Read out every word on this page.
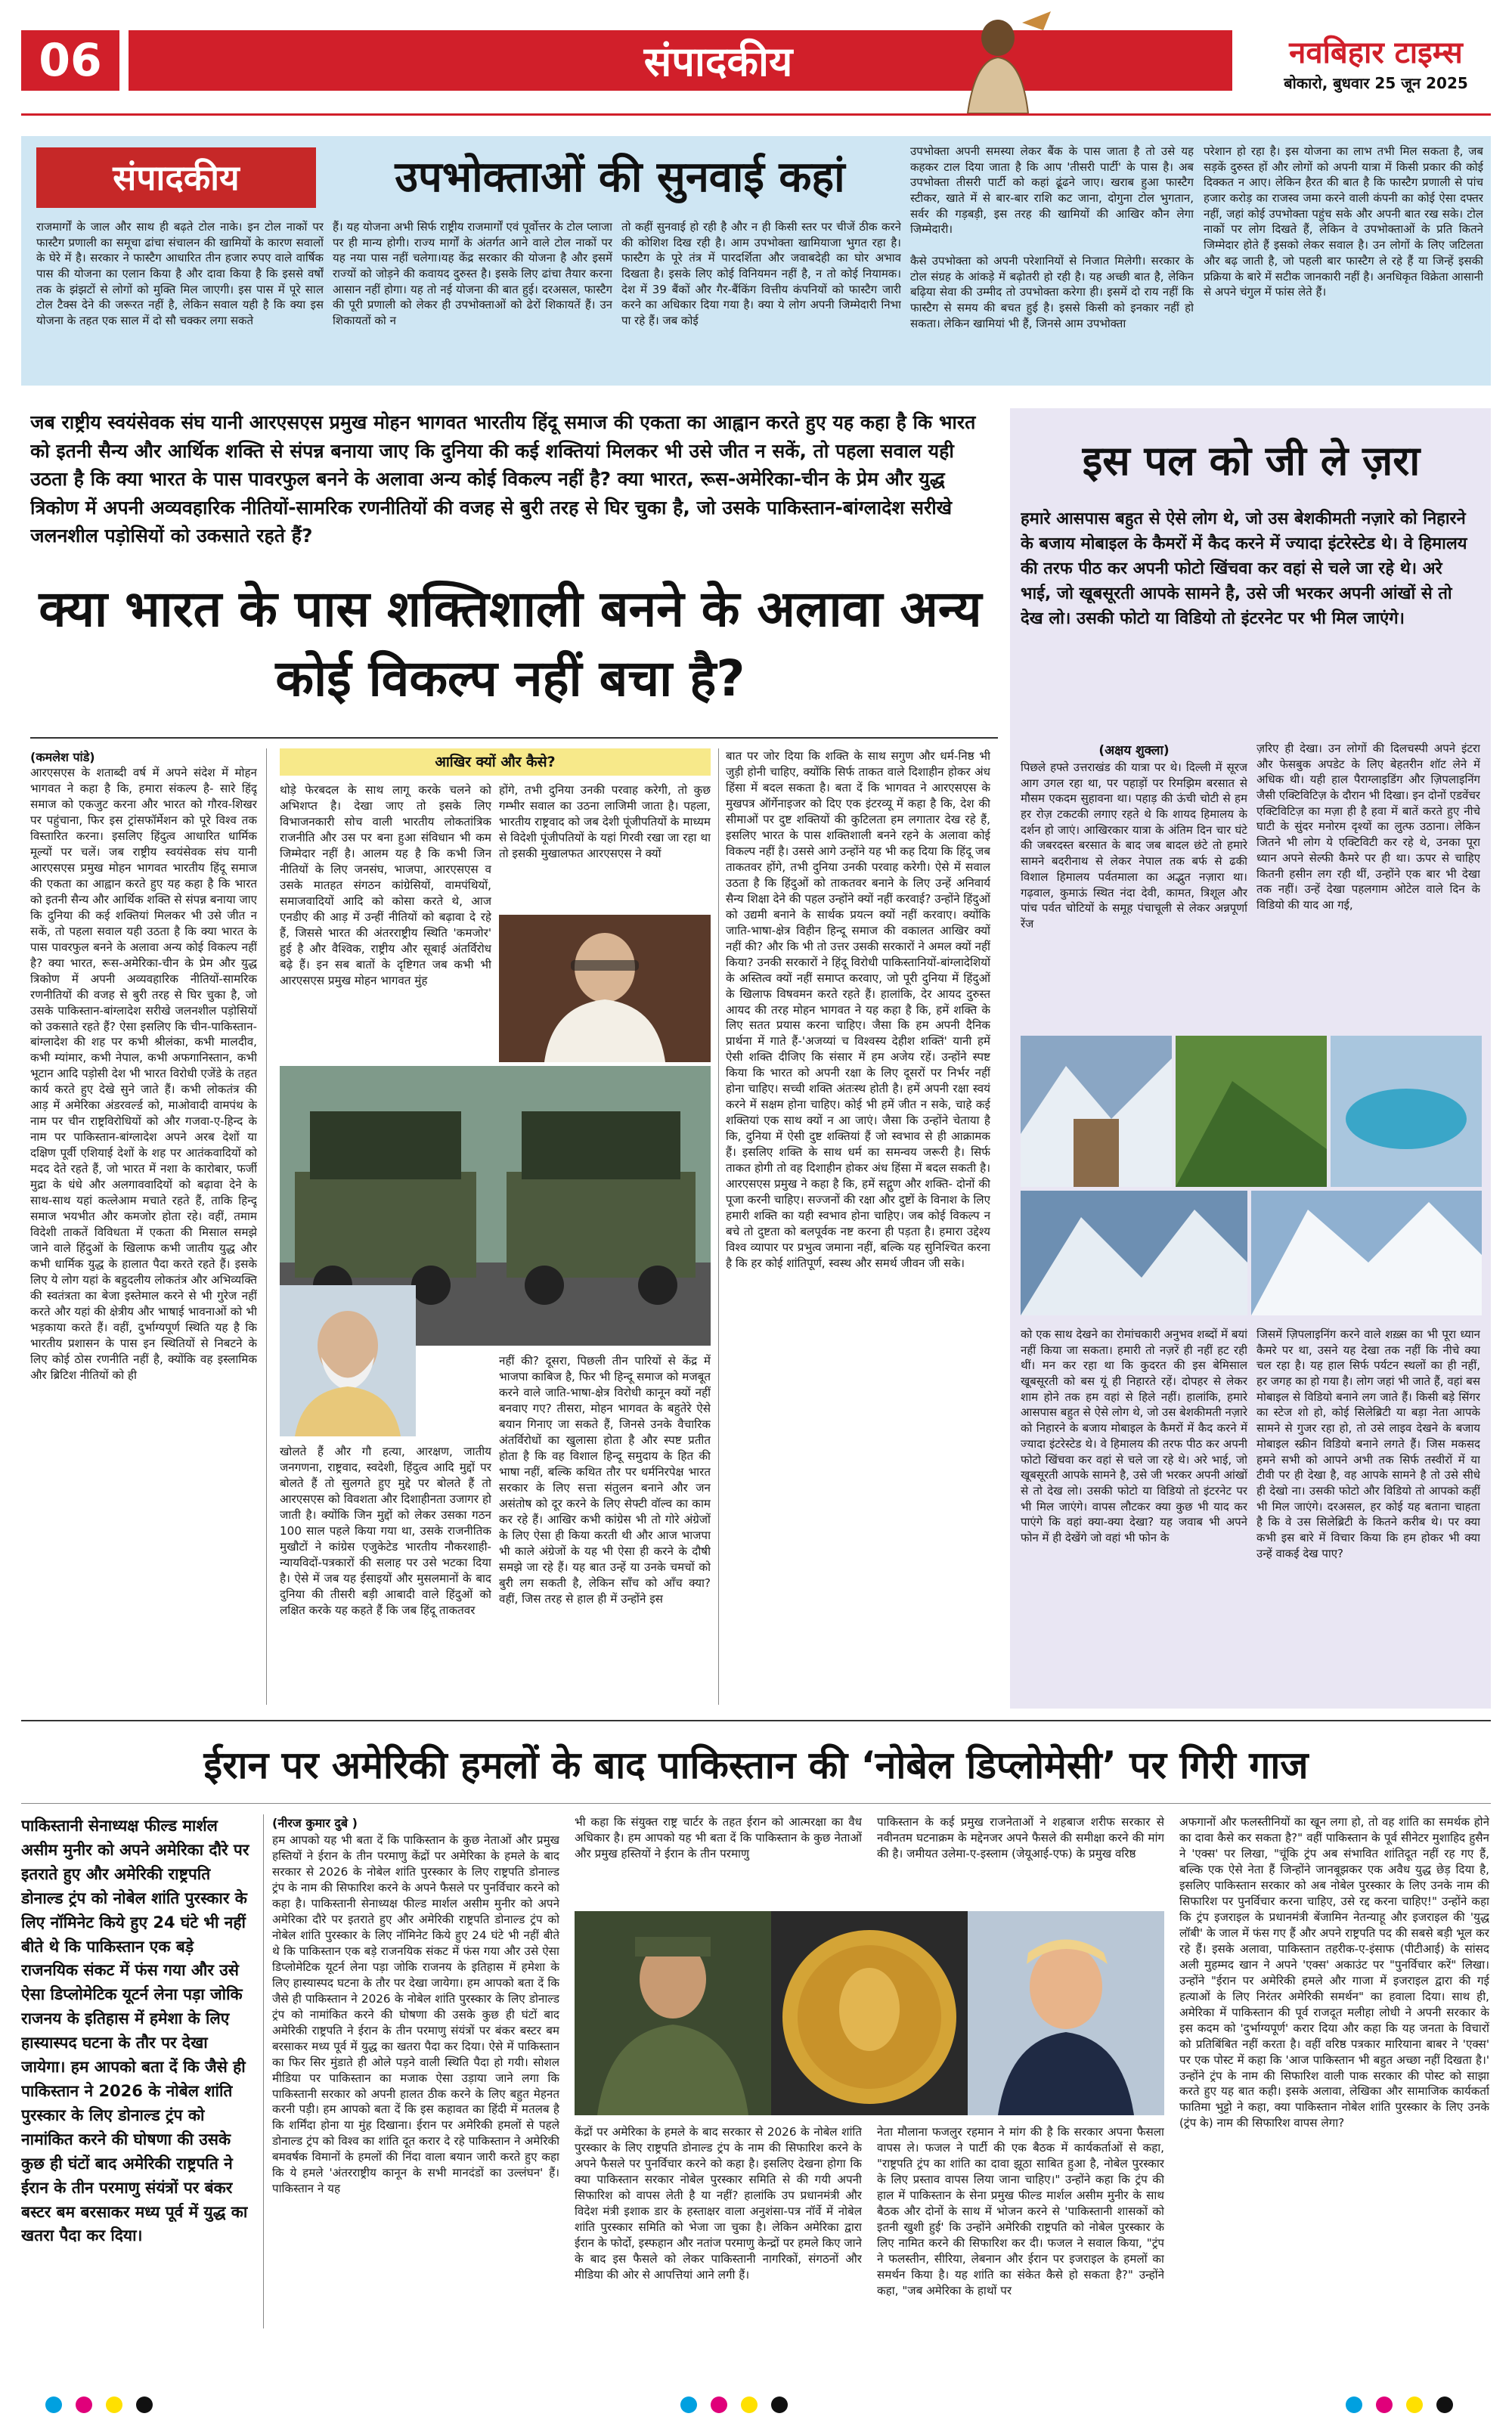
06	संपादकीय	नवबिहार टाइम्स
बोकारो, बुधवार 25 जून 2025
संपादकीय	उपभोक्ताओं की सुनवाई कहां
राजमार्गों के जाल और साथ ही बढ़ते टोल नाके। इन टोल नाकों पर फास्टैग प्रणाली का समूचा ढांचा संचालन की खामियों के कारण सवालों के घेरे में है। सरकार ने फास्टैग आधारित तीन हजार रुपए वाले वार्षिक पास की योजना का एलान किया है और दावा किया है कि इससे वर्षों तक के झंझटों से लोगों को मुक्ति मिल जाएगी। इस पास में पूरे साल टोल टैक्स देने की जरूरत नहीं है, लेकिन सवाल यही है कि क्या इस योजना के तहत एक साल में दो सौ चक्कर लगा सकते
हैं। यह योजना अभी सिर्फ राष्ट्रीय राजमार्गों एवं पूर्वोत्तर के टोल प्लाजा पर ही मान्य होगी। राज्य मार्गों के अंतर्गत आने वाले टोल नाकों पर यह नया पास नहीं चलेगा।यह केंद्र सरकार की योजना है और इसमें राज्यों को जोड़ने की कवायद दुरुस्त है। इसके लिए ढांचा तैयार करना आसान नहीं होगा। यह तो नई योजना की बात हुई। दरअसल, फास्टैग की पूरी प्रणाली को लेकर ही उपभोक्ताओं को ढेरों शिकायतें हैं। उन शिकायतों को न
तो कहीं सुनवाई हो रही है और न ही किसी स्तर पर चीजें ठीक करने की कोशिश दिख रही है। आम उपभोक्ता खामियाजा भुगत रहा है। फास्टैग के पूरे तंत्र में पारदर्शिता और जवाबदेही का घोर अभाव दिखता है। इसके लिए कोई विनियमन नहीं है, न तो कोई नियामक। देश में 39 बैंकों और गैर-बैंकिंग वित्तीय कंपनियों को फास्टैग जारी करने का अधिकार दिया गया है। क्या ये लोग अपनी जिम्मेदारी निभा पा रहे हैं। जब कोई
उपभोक्ता अपनी समस्या लेकर बैंक के पास जाता है तो उसे यह कहकर टाल दिया जाता है कि आप 'तीसरी पार्टी' के पास है। अब उपभोक्ता तीसरी पार्टी को कहां ढूंढने जाए। खराब हुआ फास्टैग स्टीकर, खाते में से बार-बार राशि कट जाना, दोगुना टोल भुगतान, सर्वर की गड़बड़ी, इस तरह की खामियों की आखिर कौन लेगा जिम्मेदारी।

कैसे उपभोक्ता को अपनी परेशानियों से निजात मिलेगी। सरकार के टोल संग्रह के आंकड़े में बढ़ोतरी हो रही है। यह अच्छी बात है, लेकिन बढ़िया सेवा की उम्मीद तो उपभोक्ता करेगा ही। इसमें दो राय नहीं कि फास्टैग से समय की बचत हुई है। इससे किसी को इनकार नहीं हो सकता। लेकिन खामियां भी हैं, जिनसे आम उपभोक्ता
परेशान हो रहा है। इस योजना का लाभ तभी मिल सकता है, जब सड़कें दुरुस्त हों और लोगों को अपनी यात्रा में किसी प्रकार की कोई दिक्कत न आए। लेकिन हैरत की बात है कि फास्टैग प्रणाली से पांच हजार करोड़ का राजस्व जमा करने वाली कंपनी का कोई ऐसा दफ्तर नहीं, जहां कोई उपभोक्ता पहुंच सके और अपनी बात रख सके। टोल नाकों पर लोग दिखते हैं, लेकिन वे उपभोक्ताओं के प्रति कितने जिम्मेदार होते हैं इसको लेकर सवाल है। उन लोगों के लिए जटिलता और बढ़ जाती है, जो पहली बार फास्टैग ले रहे हैं या जिन्हें इसकी प्रक्रिया के बारे में सटीक जानकारी नहीं है। अनधिकृत विक्रेता आसानी से अपने चंगुल में फांस लेते हैं।
जब राष्ट्रीय स्वयंसेवक संघ यानी आरएसएस प्रमुख मोहन भागवत भारतीय हिंदू समाज की एकता का आह्वान करते हुए यह कहा है कि भारत को इतनी सैन्य और आर्थिक शक्ति से संपन्न बनाया जाए कि दुनिया की कई शक्तियां मिलकर भी उसे जीत न सकें, तो पहला सवाल यही उठता है कि क्या भारत के पास पावरफुल बनने के अलावा अन्य कोई विकल्प नहीं है? क्या भारत, रूस-अमेरिका-चीन के प्रेम और युद्ध त्रिकोण में अपनी अव्यवहारिक नीतियों-सामरिक रणनीतियों की वजह से बुरी तरह से घिर चुका है, जो उसके पाकिस्तान-बांग्लादेश सरीखे जलनशील पड़ोसियों को उकसाते रहते हैं?
क्या भारत के पास शक्तिशाली बनने के अलावा अन्य कोई विकल्प नहीं बचा है?
इस पल को जी ले ज़रा
हमारे आसपास बहुत से ऐसे लोग थे, जो उस बेशकीमती नज़ारे को निहारने के बजाय मोबाइल के कैमरों में कैद करने में ज्यादा इंटरेस्टेड थे। वे हिमालय की तरफ पीठ कर अपनी फोटो खिंचवा कर वहां से चले जा रहे थे। अरे भाई, जो खूबसूरती आपके सामने है, उसे जी भरकर अपनी आंखों से तो देख लो। उसकी फोटो या विडियो तो इंटरनेट पर भी मिल जाएंगे।
(अक्षय शुक्ला)
पिछले हफ्ते उत्तराखंड की यात्रा पर थे। दिल्ली में सूरज आग उगल रहा था, पर पहाड़ों पर रिमझिम बरसात से मौसम एकदम सुहावना था। पहाड़ की ऊंची चोटी से हम हर रोज़ टकटकी लगाए रहते थे कि शायद हिमालय के दर्शन हो जाएं। आखिरकार यात्रा के अंतिम दिन चार घंटे की जबरदस्त बरसात के बाद जब बादल छंटे तो हमारे सामने बदरीनाथ से लेकर नेपाल तक बर्फ से ढकी विशाल हिमालय पर्वतमाला का अद्भुत नज़ारा था। गढ़वाल, कुमाऊं स्थित नंदा देवी, कामत, त्रिशूल और पांच पर्वत चोटियों के समूह पंचाचूली से लेकर अन्नपूर्णा रेंज
ज़रिए ही देखा। उन लोगों की दिलचस्पी अपने इंटरा और फेसबुक अपडेट के लिए बेहतरीन शॉट लेने में अधिक थी। यही हाल पैराग्लाइडिंग और ज़िपलाइनिंग जैसी एक्टिविटिज़ के दौरान भी दिखा। इन दोनों एडवेंचर एक्टिविटिज़ का मज़ा ही है हवा में बातें करते हुए नीचे घाटी के सुंदर मनोरम दृश्यों का लुत्फ उठाना। लेकिन जितने भी लोग ये एक्टिविटी कर रहे थे, उनका पूरा ध्यान अपने सेल्फी कैमरे पर ही था। ऊपर से चाहिए कितनी हसीन लग रही थीं, उन्होंने एक बार भी देखा तक नहीं। उन्हें देखा पहलगाम ओटेल वाले दिन के विडियो की याद आ गई,
को एक साथ देखने का रोमांचकारी अनुभव शब्दों में बयां नहीं किया जा सकता। हमारी तो नज़रें ही नहीं हट रही थीं। मन कर रहा था कि कुदरत की इस बेमिसाल खूबसूरती को बस यूं ही निहारते रहें। दोपहर से लेकर शाम होने तक हम वहां से हिले नहीं। हालांकि, हमारे आसपास बहुत से ऐसे लोग थे, जो उस बेशकीमती नज़ारे को निहारने के बजाय मोबाइल के कैमरों में कैद करने में ज्यादा इंटरेस्टेड थे। वे हिमालय की तरफ पीठ कर अपनी फोटो खिंचवा कर वहां से चले जा रहे थे। अरे भाई, जो खूबसूरती आपके सामने है, उसे जी भरकर अपनी आंखों से तो देख लो। उसकी फोटो या विडियो तो इंटरनेट पर भी मिल जाएंगे। वापस लौटकर क्या कुछ भी याद कर पाएंगे कि वहां क्या-क्या देखा? यह जवाब भी अपने फोन में ही देखेंगे जो वहां भी फोन के
जिसमें ज़िपलाइनिंग करने वाले शख़्स का भी पूरा ध्यान कैमरे पर था, उसने यह देखा तक नहीं कि नीचे क्या चल रहा है। यह हाल सिर्फ पर्यटन स्थलों का ही नहीं, हर जगह का हो गया है। लोग जहां भी जाते हैं, वहां बस मोबाइल से विडियो बनाने लग जाते हैं। किसी बड़े सिंगर का स्टेज शो हो, कोई सिलेब्रिटी या बड़ा नेता आपके सामने से गुजर रहा हो, तो उसे लाइव देखने के बजाय मोबाइल स्क्रीन विडियो बनाने लगते हैं। जिस मकसद हमने सभी को आपने अभी तक सिर्फ तस्वीरों में या टीवी पर ही देखा है, वह आपके सामने है तो उसे सीधे ही देखो ना। उसकी फोटो और विडियो तो आपको कहीं भी मिल जाएंगे। दरअसल, हर कोई यह बताना चाहता है कि वे उस सिलेब्रिटी के कितने करीब थे। पर क्या कभी इस बारे में विचार किया कि हम होकर भी क्या उन्हें वाकई देख पाए?
(कमलेश पांडे)
आरएसएस के शताब्दी वर्ष में अपने संदेश में मोहन भागवत ने कहा है कि, हमारा संकल्प है- सारे हिंदू समाज को एकजुट करना और भारत को गौरव-शिखर पर पहुंचाना, फिर इस ट्रांसफॉर्मेशन को पूरे विश्व तक विस्तारित करना। इसलिए हिंदुत्व आधारित धार्मिक मूल्यों पर चलें। जब राष्ट्रीय स्वयंसेवक संघ यानी आरएसएस प्रमुख मोहन भागवत भारतीय हिंदू समाज की एकता का आह्वान करते हुए यह कहा है कि भारत को इतनी सैन्य और आर्थिक शक्ति से संपन्न बनाया जाए कि दुनिया की कई शक्तियां मिलकर भी उसे जीत न सकें, तो पहला सवाल यही उठता है कि क्या भारत के पास पावरफुल बनने के अलावा अन्य कोई विकल्प नहीं है? क्या भारत, रूस-अमेरिका-चीन के प्रेम और युद्ध त्रिकोण में अपनी अव्यवहारिक नीतियों-सामरिक रणनीतियों की वजह से बुरी तरह से घिर चुका है, जो उसके पाकिस्तान-बांग्लादेश सरीखे जलनशील पड़ोसियों को उकसाते रहते हैं? ऐसा इसलिए कि चीन-पाकिस्तान-बांग्लादेश की शह पर कभी श्रीलंका, कभी मालदीव, कभी म्यांमार, कभी नेपाल, कभी अफगानिस्तान, कभी भूटान आदि पड़ोसी देश भी भारत विरोधी एजेंडे के तहत कार्य करते हुए देखे सुने जाते हैं। कभी लोकतंत्र की आड़ में अमेरिका अंडरवर्ल्ड को, माओवादी वामपंथ के नाम पर चीन राष्ट्रविरोधियों को और गजवा-ए-हिन्द के नाम पर पाकिस्तान-बांग्लादेश अपने अरब देशों या दक्षिण पूर्वी एशियाई देशों के शह पर आतंकवादियों को मदद देते रहते हैं, जो भारत में नशा के कारोबार, फर्जी मुद्रा के धंधे और अलगाववादियों को बढ़ावा देने के साथ-साथ यहां कत्लेआम मचाते रहते हैं, ताकि हिन्दू समाज भयभीत और कमजोर होता रहे। वहीं, तमाम विदेशी ताकतें विविधता में एकता की मिसाल समझे जाने वाले हिंदुओं के खिलाफ कभी जातीय युद्ध और कभी धार्मिक युद्ध के हालात पैदा करते रहते हैं। इसके लिए ये लोग यहां के बहुदलीय लोकतंत्र और अभिव्यक्ति की स्वतंत्रता का बेजा इस्तेमाल करने से भी गुरेज नहीं करते और यहां की क्षेत्रीय और भाषाई भावनाओं को भी भड़काया करते हैं। वहीं, दुर्भाग्यपूर्ण स्थिति यह है कि भारतीय प्रशासन के पास इन स्थितियों से निबटने के लिए कोई ठोस रणनीति नहीं है, क्योंकि वह इस्लामिक और ब्रिटिश नीतियों को ही
आखिर क्यों और कैसे?
थोड़े फेरबदल के साथ लागू करके चलने को अभिशप्त है। देखा जाए तो इसके लिए विभाजनकारी सोच वाली भारतीय लोकतांत्रिक राजनीति और उस पर बना हुआ संविधान भी कम जिम्मेदार नहीं है। आलम यह है कि कभी जिन नीतियों के लिए जनसंघ, भाजपा, आरएसएस व उसके मातहत संगठन कांग्रेसियों, वामपंथियों, समाजवादियों आदि को कोसा करते थे, आज एनडीए की आड़ में उन्हीं नीतियों को बढ़ावा दे रहे हैं, जिससे भारत की अंतरराष्ट्रीय स्थिति 'कमजोर' हुई है और वैश्विक, राष्ट्रीय और सूबाई अंतर्विरोध बढ़े हैं। इन सब बातों के दृष्टिगत जब कभी भी आरएसएस प्रमुख मोहन भागवत मुंह
होंगे, तभी दुनिया उनकी परवाह करेगी, तो कुछ गम्भीर सवाल का उठना लाजिमी जाता है। पहला, भारतीय राष्ट्रवाद को जब देशी पूंजीपतियों के माध्यम से विदेशी पूंजीपतियों के यहां गिरवी रखा जा रहा था तो इसकी मुखालफत आरएसएस ने क्यों
खोलते हैं और गौ हत्या, आरक्षण, जातीय जनगणना, राष्ट्रवाद, स्वदेशी, हिंदुत्व आदि मुद्दों पर बोलते हैं तो सुलगते हुए मुद्दे पर बोलते हैं तो आरएसएस को विवशता और दिशाहीनता उजागर हो जाती है। क्योंकि जिन मुद्दों को लेकर उसका गठन 100 साल पहले किया गया था, उसके राजनीतिक मुखौटों ने कांग्रेस एजुकेटेड भारतीय नौकरशाही-न्यायविदों-पत्रकारों की सलाह पर उसे भटका दिया है। ऐसे में जब यह ईसाइयों और मुसलमानों के बाद दुनिया की तीसरी बड़ी आबादी वाले हिंदुओं को लक्षित करके यह कहते हैं कि जब हिंदू ताकतवर
नहीं की? दूसरा, पिछली तीन पारियों से केंद्र में भाजपा काबिज है, फिर भी हिन्दू समाज को मजबूत करने वाले जाति-भाषा-क्षेत्र विरोधी कानून क्यों नहीं बनवाए गए? तीसरा, मोहन भागवत के बहुतेरे ऐसे बयान गिनाए जा सकते हैं, जिनसे उनके वैचारिक अंतर्विरोधों का खुलासा होता है और स्पष्ट प्रतीत होता है कि वह विशाल हिन्दू समुदाय के हित की भाषा नहीं, बल्कि कथित तौर पर धर्मनिरपेक्ष भारत सरकार के लिए सत्ता संतुलन बनाने और जन असंतोष को दूर करने के लिए सेफ्टी वॉल्व का काम कर रहे हैं। आखिर कभी कांग्रेस भी तो गोरे अंग्रेजों के लिए ऐसा ही किया करती थी और आज भाजपा भी काले अंग्रेजों के यह भी ऐसा ही करने के दौषी समझे जा रहे हैं। यह बात उन्हें या उनके चमचों को बुरी लग सकती है, लेकिन साँच को आँच क्या? वहीं, जिस तरह से हाल ही में उन्होंने इस
बात पर जोर दिया कि शक्ति के साथ सगुण और धर्म-निष्ठ भी जुड़ी होनी चाहिए, क्योंकि सिर्फ ताकत वाले दिशाहीन होकर अंध हिंसा में बदल सकता है। बता दें कि भागवत ने आरएसएस के मुखपत्र ऑर्गेनाइजर को दिए एक इंटरव्यू में कहा है कि, देश की सीमाओं पर दुष्ट शक्तियों की कुटिलता हम लगातार देख रहे हैं, इसलिए भारत के पास शक्तिशाली बनने रहने के अलावा कोई विकल्प नहीं है। उससे आगे उन्होंने यह भी कह दिया कि हिंदू जब ताकतवर होंगे, तभी दुनिया उनकी परवाह करेगी। ऐसे में सवाल उठता है कि हिंदुओं को ताकतवर बनाने के लिए उन्हें अनिवार्य सैन्य शिक्षा देने की पहल उन्होंने क्यों नहीं करवाई? उन्होंने हिंदुओं को उद्यमी बनाने के सार्थक प्रयत्न क्यों नहीं करवाए। क्योंकि जाति-भाषा-क्षेत्र विहीन हिन्दू समाज की वकालत आखिर क्यों नहीं की? और कि भी तो उत्तर उसकी सरकारों ने अमल क्यों नहीं किया? उनकी सरकारों ने हिंदू विरोधी पाकिस्तानियों-बांग्लादेशियों के अस्तित्व क्यों नहीं समाप्त करवाए, जो पूरी दुनिया में हिंदुओं के खिलाफ विषवमन करते रहते हैं। हालांकि, देर आयद दुरुस्त आयद की तरह मोहन भागवत ने यह कहा है कि, हमें शक्ति के लिए सतत प्रयास करना चाहिए। जैसा कि हम अपनी दैनिक प्रार्थना में गाते हैं-'अजय्यां च विश्वस्य देहीश शक्तिं' यानी हमें ऐसी शक्ति दीजिए कि संसार में हम अजेय रहें। उन्होंने स्पष्ट किया कि भारत को अपनी रक्षा के लिए दूसरों पर निर्भर नहीं होना चाहिए। सच्ची शक्ति अंतःस्थ होती है। हमें अपनी रक्षा स्वयं करने में सक्षम होना चाहिए। कोई भी हमें जीत न सके, चाहे कई शक्तियां एक साथ क्यों न आ जाएं। जैसा कि उन्होंने चेताया है कि, दुनिया में ऐसी दुष्ट शक्तियां हैं जो स्वभाव से ही आक्रामक हैं। इसलिए शक्ति के साथ धर्म का समन्वय जरूरी है। सिर्फ ताकत होगी तो वह दिशाहीन होकर अंध हिंसा में बदल सकती है। आरएसएस प्रमुख ने कहा है कि, हमें सद्गुण और शक्ति- दोनों की पूजा करनी चाहिए। सज्जनों की रक्षा और दुष्टों के विनाश के लिए हमारी शक्ति का यही स्वभाव होना चाहिए। जब कोई विकल्प न बचे तो दुष्टता को बलपूर्वक नष्ट करना ही पड़ता है। हमारा उद्देश्य विश्व व्यापार पर प्रभुत्व जमाना नहीं, बल्कि यह सुनिश्चित करना है कि हर कोई शांतिपूर्ण, स्वस्थ और समर्थ जीवन जी सके।
ईरान पर अमेरिकी हमलों के बाद पाकिस्तान की ‘नोबेल डिप्लोमेसी’ पर गिरी गाज
पाकिस्तानी सेनाध्यक्ष फील्ड मार्शल असीम मुनीर को अपने अमेरिका दौरे पर इतराते हुए और अमेरिकी राष्ट्रपति डोनाल्ड ट्रंप को नोबेल शांति पुरस्कार के लिए नॉमिनेट किये हुए 24 घंटे भी नहीं बीते थे कि पाकिस्तान एक बड़े राजनयिक संकट में फंस गया और उसे ऐसा डिप्लोमेटिक यूटर्न लेना पड़ा जोकि राजनय के इतिहास में हमेशा के लिए हास्यास्पद घटना के तौर पर देखा जायेगा। हम आपको बता दें कि जैसे ही पाकिस्तान ने 2026 के नोबेल शांति पुरस्कार के लिए डोनाल्ड ट्रंप को नामांकित करने की घोषणा की उसके कुछ ही घंटों बाद अमेरिकी राष्ट्रपति ने ईरान के तीन परमाणु संयंत्रों पर बंकर बस्टर बम बरसाकर मध्य पूर्व में युद्ध का खतरा पैदा कर दिया।
(नीरज कुमार दुबे )
हम आपको यह भी बता दें कि पाकिस्तान के कुछ नेताओं और प्रमुख हस्तियों ने ईरान के तीन परमाणु केंद्रों पर अमेरिका के हमले के बाद सरकार से 2026 के नोबेल शांति पुरस्कार के लिए राष्ट्रपति डोनाल्ड ट्रंप के नाम की सिफारिश करने के अपने फैसले पर पुनर्विचार करने को कहा है। पाकिस्तानी सेनाध्यक्ष फील्ड मार्शल असीम मुनीर को अपने अमेरिका दौरे पर इतराते हुए और अमेरिकी राष्ट्रपति डोनाल्ड ट्रंप को नोबेल शांति पुरस्कार के लिए नॉमिनेट किये हुए 24 घंटे भी नहीं बीते थे कि पाकिस्तान एक बड़े राजनयिक संकट में फंस गया और उसे ऐसा डिप्लोमेटिक यूटर्न लेना पड़ा जोकि राजनय के इतिहास में हमेशा के लिए हास्यास्पद घटना के तौर पर देखा जायेगा। हम आपको बता दें कि जैसे ही पाकिस्तान ने 2026 के नोबेल शांति पुरस्कार के लिए डोनाल्ड ट्रंप को नामांकित करने की घोषणा की उसके कुछ ही घंटों बाद अमेरिकी राष्ट्रपति ने ईरान के तीन परमाणु संयंत्रों पर बंकर बस्टर बम बरसाकर मध्य पूर्व में युद्ध का खतरा पैदा कर दिया। ऐसे में पाकिस्तान का फिर सिर मुंडाते ही ओले पड़ने वाली स्थिति पैदा हो गयी। सोशल मीडिया पर पाकिस्तान का मजाक ऐसा उड़ाया जाने लगा कि पाकिस्तानी सरकार को अपनी हालत ठीक करने के लिए बहुत मेहनत करनी पड़ी। हम आपको बता दें कि इस कहावत का हिंदी में मतलब है कि शर्मिंदा होना या मुंह दिखाना। ईरान पर अमेरिकी हमलों से पहले डोनाल्ड ट्रंप को विश्व का शांति दूत करार दे रहे पाकिस्तान ने अमेरिकी बमवर्षक विमानों के हमलों की निंदा वाला बयान जारी करते हुए कहा कि ये हमले 'अंतरराष्ट्रीय कानून के सभी मानदंडों का उल्लंघन' हैं। पाकिस्तान ने यह
भी कहा कि संयुक्त राष्ट्र चार्टर के तहत ईरान को आत्मरक्षा का वैध अधिकार है। हम आपको यह भी बता दें कि पाकिस्तान के कुछ नेताओं और प्रमुख हस्तियों ने ईरान के तीन परमाणु
पाकिस्तान के कई प्रमुख राजनेताओं ने शहबाज शरीफ सरकार से नवीनतम घटनाक्रम के मद्देनजर अपने फैसले की समीक्षा करने की मांग की है। जमीयत उलेमा-ए-इस्लाम (जेयूआई-एफ) के प्रमुख वरिष्ठ
केंद्रों पर अमेरिका के हमले के बाद सरकार से 2026 के नोबेल शांति पुरस्कार के लिए राष्ट्रपति डोनाल्ड ट्रंप के नाम की सिफारिश करने के अपने फैसले पर पुनर्विचार करने को कहा है। इसलिए देखना होगा कि क्या पाकिस्तान सरकार नोबेल पुरस्कार समिति से की गयी अपनी सिफारिश को वापस लेती है या नहीं? हालांकि उप प्रधानमंत्री और विदेश मंत्री इशाक डार के हस्ताक्षर वाला अनुशंसा-पत्र नॉर्वे में नोबेल शांति पुरस्कार समिति को भेजा जा चुका है। लेकिन अमेरिका द्वारा ईरान के फोर्दो, इस्फहान और नतांज परमाणु केन्द्रों पर हमले किए जाने के बाद इस फैसले को लेकर पाकिस्तानी नागरिकों, संगठनों और मीडिया की ओर से आपत्तियां आने लगी हैं।
नेता मौलाना फजलुर रहमान ने मांग की है कि सरकार अपना फैसला वापस ले। फजल ने पार्टी की एक बैठक में कार्यकर्ताओं से कहा, "राष्ट्रपति ट्रंप का शांति का दावा झूठा साबित हुआ है, नोबेल पुरस्कार के लिए प्रस्ताव वापस लिया जाना चाहिए।" उन्होंने कहा कि ट्रंप की हाल में पाकिस्तान के सेना प्रमुख फील्ड मार्शल असीम मुनीर के साथ बैठक और दोनों के साथ में भोजन करने से 'पाकिस्तानी शासकों को इतनी खुशी हुई' कि उन्होंने अमेरिकी राष्ट्रपति को नोबेल पुरस्कार के लिए नामित करने की सिफारिश कर दी। फजल ने सवाल किया, "ट्रंप ने फलस्तीन, सीरिया, लेबनान और ईरान पर इजराइल के हमलों का समर्थन किया है। यह शांति का संकेत कैसे हो सकता है?" उन्होंने कहा, "जब अमेरिका के हाथों पर
अफगानों और फलस्तीनियों का खून लगा हो, तो वह शांति का समर्थक होने का दावा कैसे कर सकता है?" वहीं पाकिस्तान के पूर्व सीनेटर मुशाहिद हुसैन ने 'एक्स' पर लिखा, "चूंकि ट्रंप अब संभावित शांतिदूत नहीं रह गए हैं, बल्कि एक ऐसे नेता हैं जिन्होंने जानबूझकर एक अवैध युद्ध छेड़ दिया है, इसलिए पाकिस्तान सरकार को अब नोबेल पुरस्कार के लिए उनके नाम की सिफारिश पर पुनर्विचार करना चाहिए, उसे रद्द करना चाहिए!" उन्होंने कहा कि ट्रंप इजराइल के प्रधानमंत्री बेंजामिन नेतन्याहू और इजराइल की 'युद्ध लॉबी' के जाल में फंस गए हैं और अपने राष्ट्रपति पद की सबसे बड़ी भूल कर रहे हैं। इसके अलावा, पाकिस्तान तहरीक-ए-इंसाफ (पीटीआई) के सांसद अली मुहम्मद खान ने अपने 'एक्स' अकाउंट पर "पुनर्विचार करें" लिखा। उन्होंने "ईरान पर अमेरिकी हमले और गाजा में इजराइल द्वारा की गई हत्याओं के लिए निरंतर अमेरिकी समर्थन" का हवाला दिया। साथ ही, अमेरिका में पाकिस्तान की पूर्व राजदूत मलीहा लोधी ने अपनी सरकार के इस कदम को 'दुर्भाग्यपूर्ण' करार दिया और कहा कि यह जनता के विचारों को प्रतिबिंबित नहीं करता है। वहीं वरिष्ठ पत्रकार मारियाना बाबर ने 'एक्स' पर एक पोस्ट में कहा कि 'आज पाकिस्तान भी बहुत अच्छा नहीं दिखता है।' उन्होंने ट्रंप के नाम की सिफारिश वाली पाक सरकार की पोस्ट को साझा करते हुए यह बात कही। इसके अलावा, लेखिका और सामाजिक कार्यकर्ता फातिमा भुट्टो ने कहा, क्या पाकिस्तान नोबेल शांति पुरस्कार के लिए उनके (ट्रंप के) नाम की सिफारिश वापस लेगा?
